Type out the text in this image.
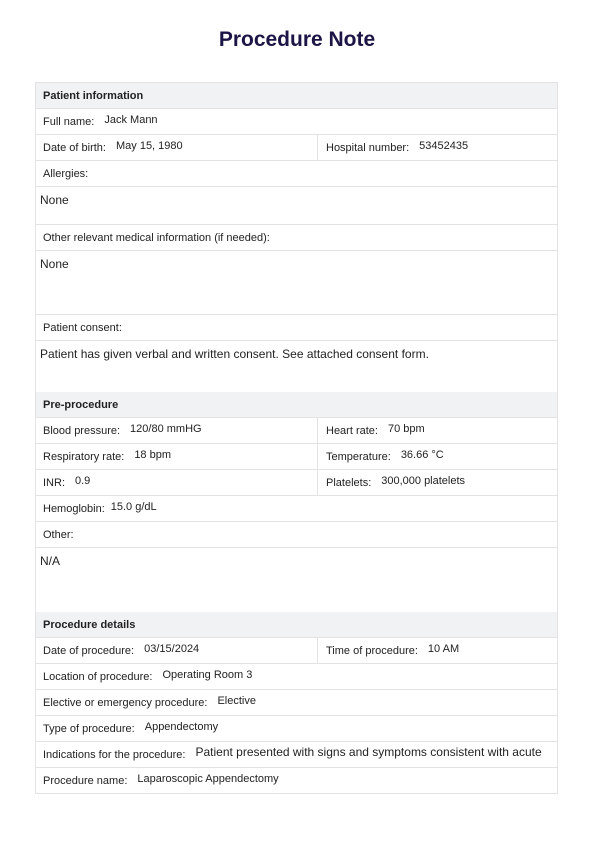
Procedure Note
Patient information
Full name: Jack Mann
Date of birth: May 15, 1980	Hospital number: 53452435
Allergies:
None
Other relevant medical information (if needed):
None
Patient consent:
Patient has given verbal and written consent. See attached consent form.
Pre-procedure
Blood pressure: 120/80 mmHG	Heart rate: 70 bpm
Respiratory rate: 18 bpm	Temperature: 36.66 °C
INR: 0.9	Platelets: 300,000 platelets
Hemoglobin: 15.0 g/dL
Other:
N/A
Procedure details
Date of procedure: 03/15/2024	Time of procedure: 10 AM
Location of procedure: Operating Room 3
Elective or emergency procedure: Elective
Type of procedure: Appendectomy
Indications for the procedure: Patient presented with signs and symptoms consistent with acute
Procedure name: Laparoscopic Appendectomy
